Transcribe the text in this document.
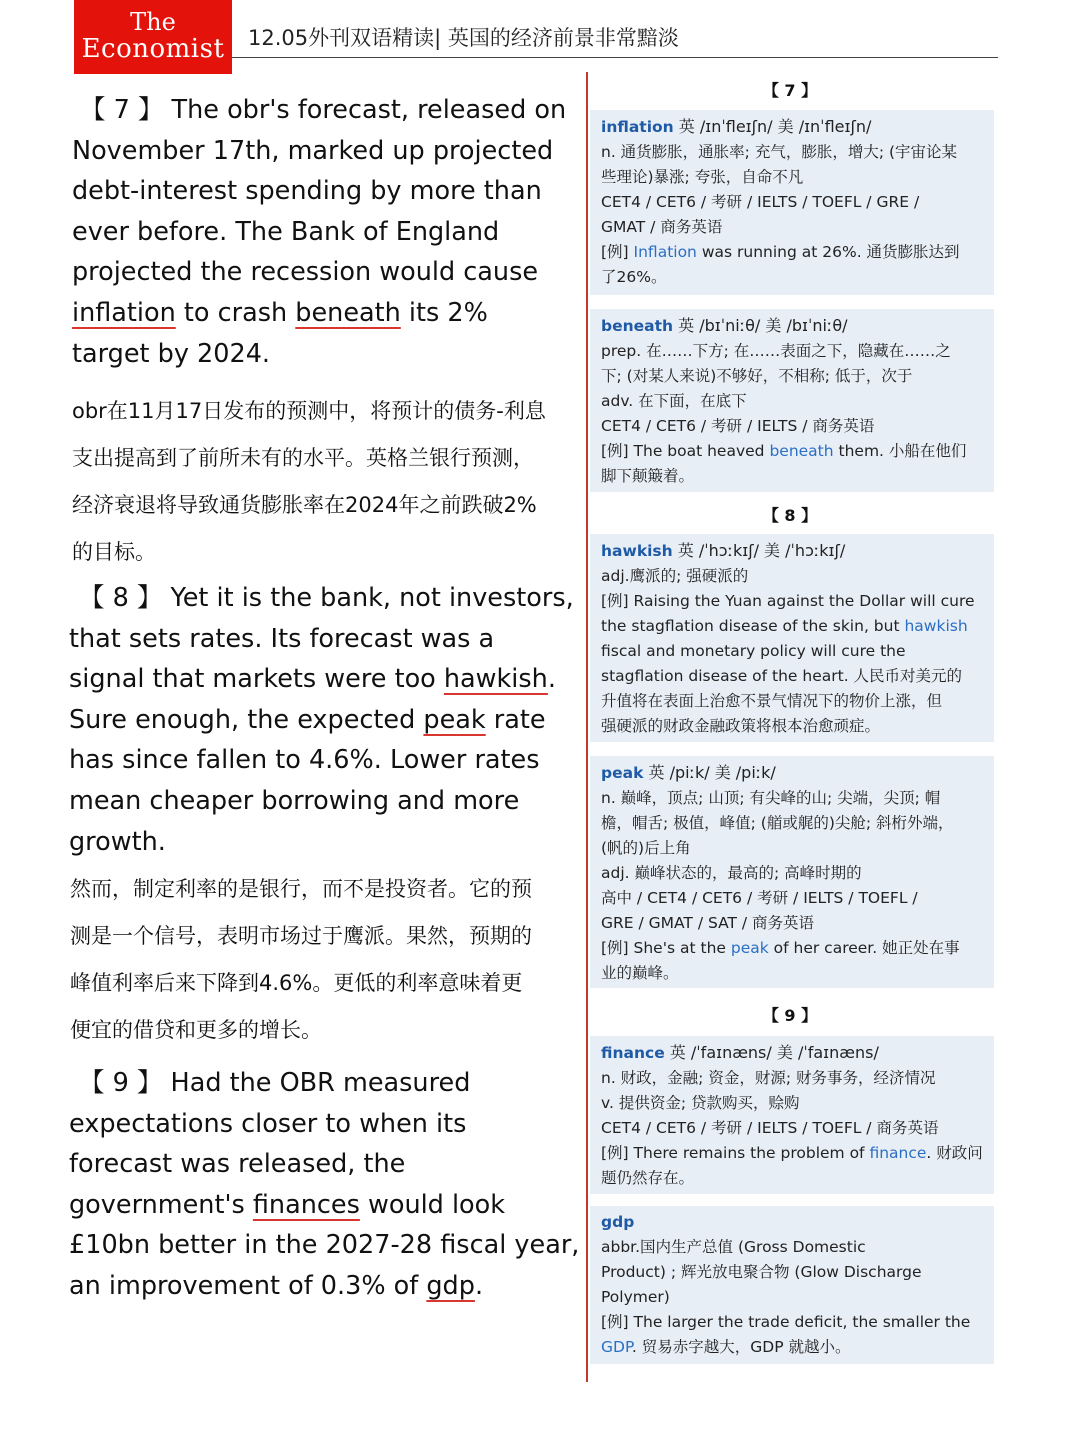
The
Economist	12.05外刊双语精读| 英国的经济前景非常黯淡
【 7 】 The obr's forecast, released on
November 17th, marked up projected
debt-interest spending by more than
ever before. The Bank of England
projected the recession would cause
inflation to crash beneath its 2%
target by 2024.
obr在11月17日发布的预测中，将预计的债务-利息
支出提高到了前所未有的水平。英格兰银行预测，
经济衰退将导致通货膨胀率在2024年之前跌破2%
的目标。
【 8 】 Yet it is the bank, not investors,
that sets rates. Its forecast was a
signal that markets were too hawkish.
Sure enough, the expected peak rate
has since fallen to 4.6%. Lower rates
mean cheaper borrowing and more
growth.
然而，制定利率的是银行，而不是投资者。它的预
测是一个信号，表明市场过于鹰派。果然，预期的
峰值利率后来下降到4.6%。更低的利率意味着更
便宜的借贷和更多的增长。
【 9 】 Had the OBR measured
expectations closer to when its
forecast was released, the
government's finances would look
£10bn better in the 2027-28 fiscal year,
an improvement of 0.3% of gdp.
【 7 】
inflation 英 /ɪnˈfleɪʃn/ 美 /ɪnˈfleɪʃn/
n. 通货膨胀，通胀率; 充气，膨胀，增大; (宇宙论某
些理论)暴涨; 夸张，自命不凡
CET4 / CET6 / 考研 / IELTS / TOEFL / GRE /
GMAT / 商务英语
[例] Inflation was running at 26%. 通货膨胀达到
了26%。
beneath 英 /bɪˈniːθ/ 美 /bɪˈniːθ/
prep. 在……下方; 在……表面之下，隐藏在……之
下; (对某人来说)不够好，不相称; 低于，次于
adv. 在下面，在底下
CET4 / CET6 / 考研 / IELTS / 商务英语
[例] The boat heaved beneath them. 小船在他们
脚下颠簸着。
【 8 】
hawkish 英 /ˈhɔːkɪʃ/ 美 /ˈhɔːkɪʃ/
adj.鹰派的; 强硬派的
[例] Raising the Yuan against the Dollar will cure
the stagflation disease of the skin, but hawkish
fiscal and monetary policy will cure the
stagflation disease of the heart. 人民币对美元的
升值将在表面上治愈不景气情况下的物价上涨，但
强硬派的财政金融政策将根本治愈顽症。
peak 英 /piːk/ 美 /piːk/
n. 巅峰，顶点; 山顶; 有尖峰的山; 尖端，尖顶; 帽
檐，帽舌; 极值，峰值; (艏或艉的)尖舱; 斜桁外端，
(帆的)后上角
adj. 巅峰状态的，最高的; 高峰时期的
高中 / CET4 / CET6 / 考研 / IELTS / TOEFL /
GRE / GMAT / SAT / 商务英语
[例] She's at the peak of her career. 她正处在事
业的巅峰。
【 9 】
finance 英 /ˈfaɪnæns/ 美 /ˈfaɪnæns/
n. 财政，金融; 资金，财源; 财务事务，经济情况
v. 提供资金; 贷款购买，赊购
CET4 / CET6 / 考研 / IELTS / TOEFL / 商务英语
[例] There remains the problem of finance. 财政问
题仍然存在。
gdp
abbr.国内生产总值 (Gross Domestic
Product) ; 辉光放电聚合物 (Glow Discharge
Polymer)
[例] The larger the trade deficit, the smaller the
GDP. 贸易赤字越大，GDP 就越小。
